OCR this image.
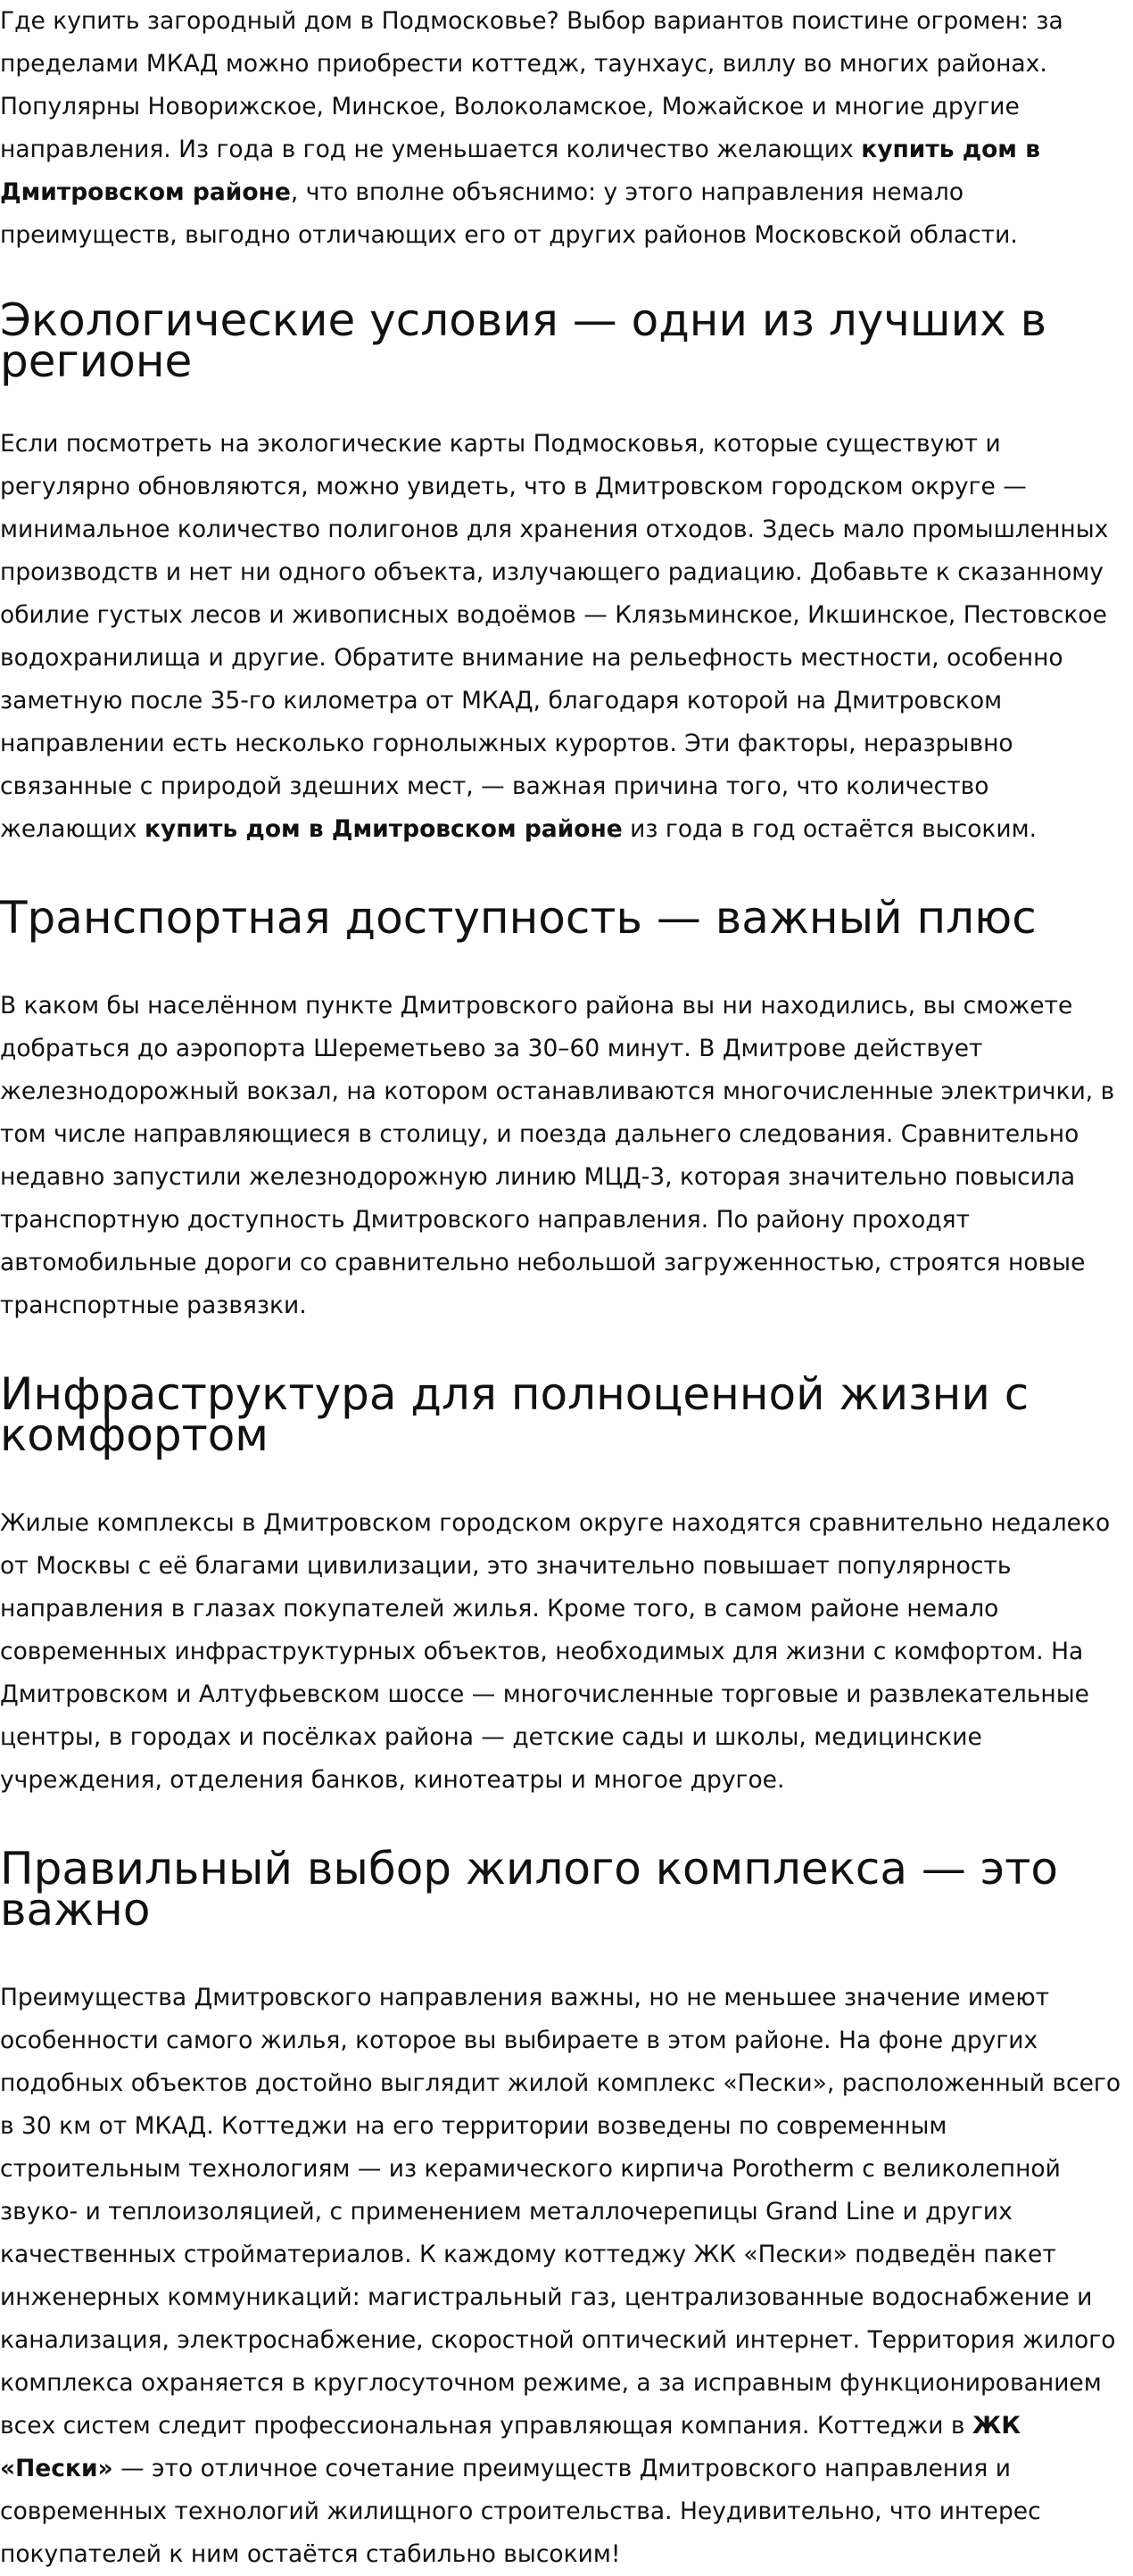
Где купить загородный дом в Подмосковье? Выбор вариантов поистине огромен: за пределами МКАД можно приобрести коттедж, таунхаус, виллу во многих районах. Популярны Новорижское, Минское, Волоколамское, Можайское и многие другие направления. Из года в год не уменьшается количество желающих купить дом в Дмитровском районе, что вполне объяснимо: у этого направления немало преимуществ, выгодно отличающих его от других районов Московской области.

Экологические условия — одни из лучших в регионе

Если посмотреть на экологические карты Подмосковья, которые существуют и регулярно обновляются, можно увидеть, что в Дмитровском городском округе — минимальное количество полигонов для хранения отходов. Здесь мало промышленных производств и нет ни одного объекта, излучающего радиацию. Добавьте к сказанному обилие густых лесов и живописных водоёмов — Клязьминское, Икшинское, Пестовское водохранилища и другие. Обратите внимание на рельефность местности, особенно заметную после 35-го километра от МКАД, благодаря которой на Дмитровском направлении есть несколько горнолыжных курортов. Эти факторы, неразрывно связанные с природой здешних мест, — важная причина того, что количество желающих купить дом в Дмитровском районе из года в год остаётся высоким.

Транспортная доступность — важный плюс

В каком бы населённом пункте Дмитровского района вы ни находились, вы сможете добраться до аэропорта Шереметьево за 30–60 минут. В Дмитрове действует железнодорожный вокзал, на котором останавливаются многочисленные электрички, в том числе направляющиеся в столицу, и поезда дальнего следования. Сравнительно недавно запустили железнодорожную линию МЦД-3, которая значительно повысила транспортную доступность Дмитровского направления. По району проходят автомобильные дороги со сравнительно небольшой загруженностью, строятся новые транспортные развязки.

Инфраструктура для полноценной жизни с комфортом

Жилые комплексы в Дмитровском городском округе находятся сравнительно недалеко от Москвы с её благами цивилизации, это значительно повышает популярность направления в глазах покупателей жилья. Кроме того, в самом районе немало современных инфраструктурных объектов, необходимых для жизни с комфортом. На Дмитровском и Алтуфьевском шоссе — многочисленные торговые и развлекательные центры, в городах и посёлках района — детские сады и школы, медицинские учреждения, отделения банков, кинотеатры и многое другое.

Правильный выбор жилого комплекса — это важно

Преимущества Дмитровского направления важны, но не меньшее значение имеют особенности самого жилья, которое вы выбираете в этом районе. На фоне других подобных объектов достойно выглядит жилой комплекс «Пески», расположенный всего в 30 км от МКАД. Коттеджи на его территории возведены по современным строительным технологиям — из керамического кирпича Porotherm с великолепной звуко- и теплоизоляцией, с применением металлочерепицы Grand Line и других качественных стройматериалов. К каждому коттеджу ЖК «Пески» подведён пакет инженерных коммуникаций: магистральный газ, централизованные водоснабжение и канализация, электроснабжение, скоростной оптический интернет. Территория жилого комплекса охраняется в круглосуточном режиме, а за исправным функционированием всех систем следит профессиональная управляющая компания. Коттеджи в ЖК «Пески» — это отличное сочетание преимуществ Дмитровского направления и современных технологий жилищного строительства. Неудивительно, что интерес покупателей к ним остаётся стабильно высоким!
